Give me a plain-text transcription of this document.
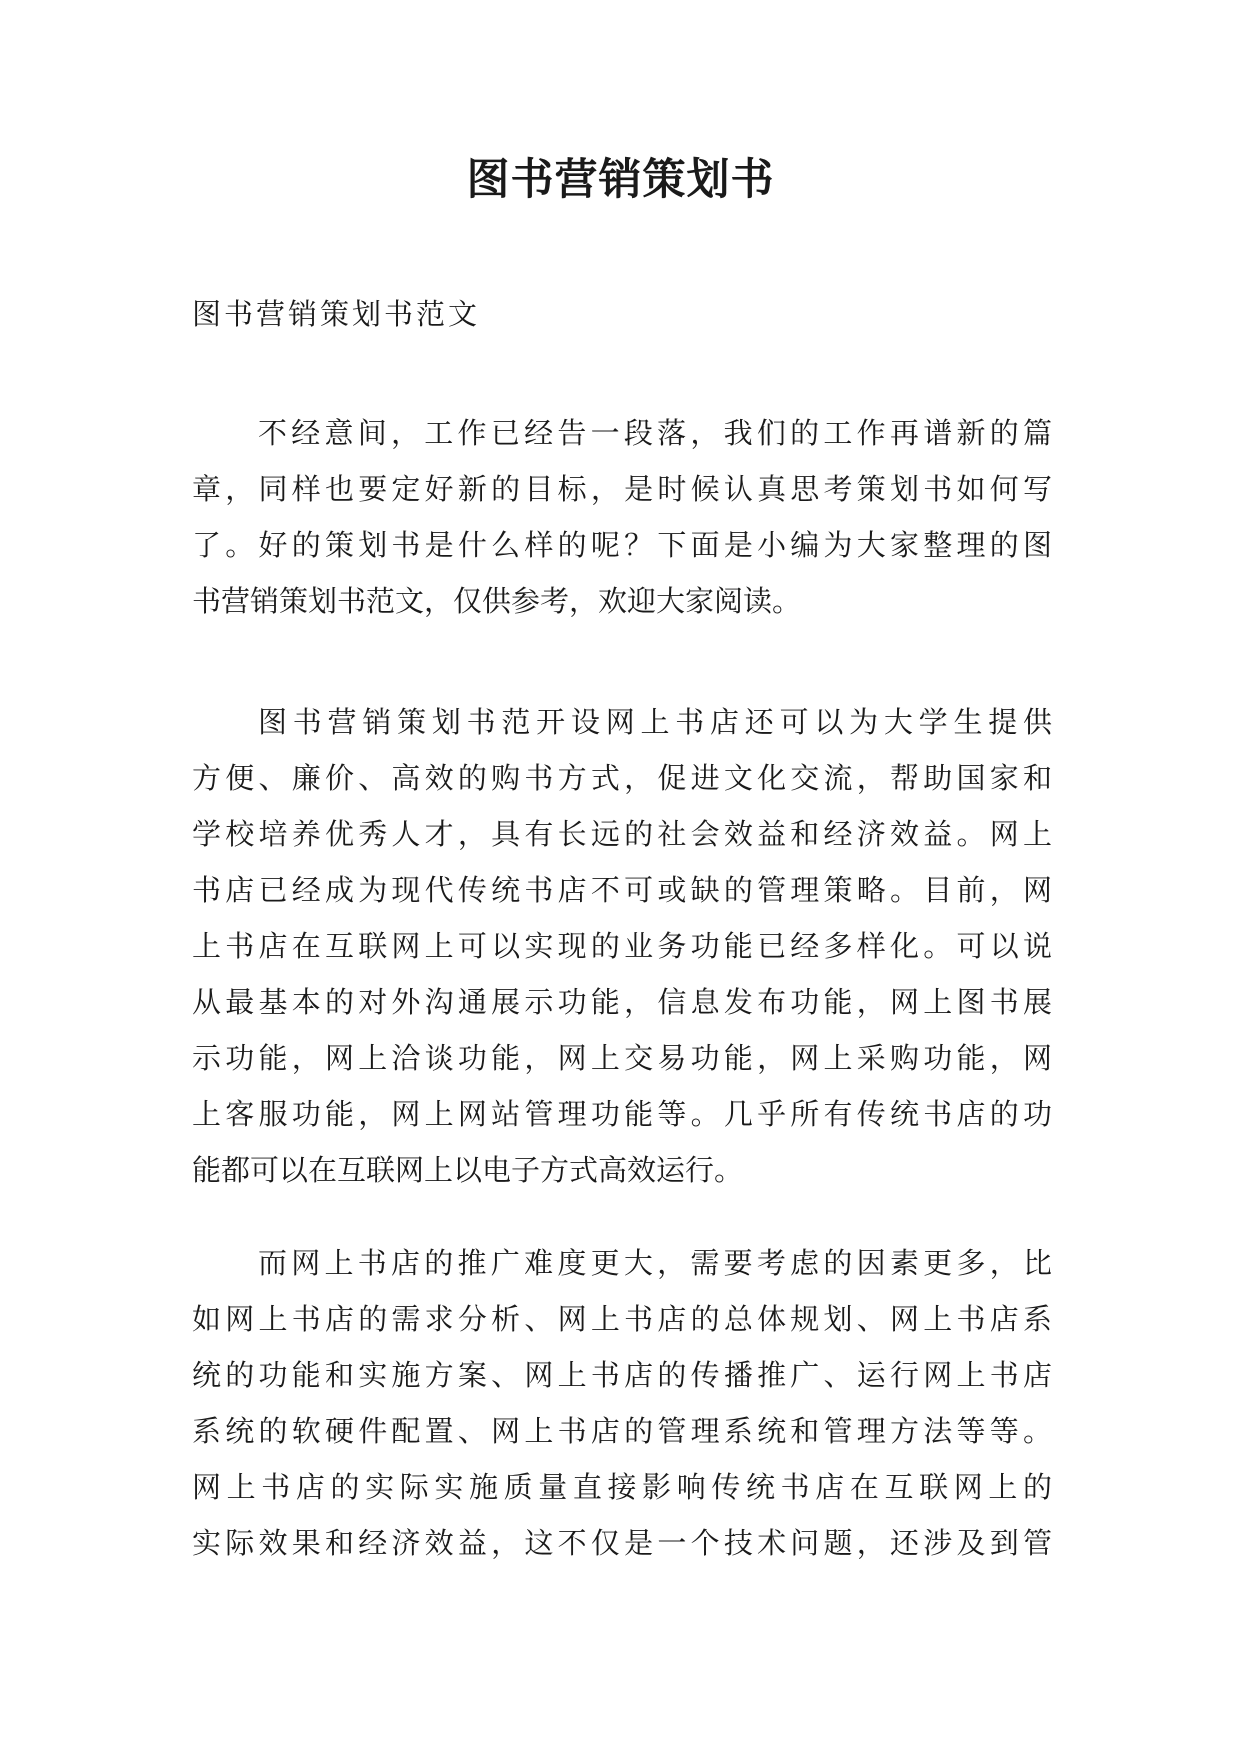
图书营销策划书

图书营销策划书范文

不经意间，工作已经告一段落，我们的工作再谱新的篇
章，同样也要定好新的目标，是时候认真思考策划书如何写
了。好的策划书是什么样的呢？下面是小编为大家整理的图
书营销策划书范文，仅供参考，欢迎大家阅读。
图书营销策划书范开设网上书店还可以为大学生提供
方便、廉价、高效的购书方式，促进文化交流，帮助国家和
学校培养优秀人才，具有长远的社会效益和经济效益。网上
书店已经成为现代传统书店不可或缺的管理策略。目前，网
上书店在互联网上可以实现的业务功能已经多样化。可以说
从最基本的对外沟通展示功能，信息发布功能，网上图书展
示功能，网上洽谈功能，网上交易功能，网上采购功能，网
上客服功能，网上网站管理功能等。几乎所有传统书店的功
能都可以在互联网上以电子方式高效运行。
而网上书店的推广难度更大，需要考虑的因素更多，比
如网上书店的需求分析、网上书店的总体规划、网上书店系
统的功能和实施方案、网上书店的传播推广、运行网上书店
系统的软硬件配置、网上书店的管理系统和管理方法等等。
网上书店的实际实施质量直接影响传统书店在互联网上的
实际效果和经济效益，这不仅是一个技术问题，还涉及到管
